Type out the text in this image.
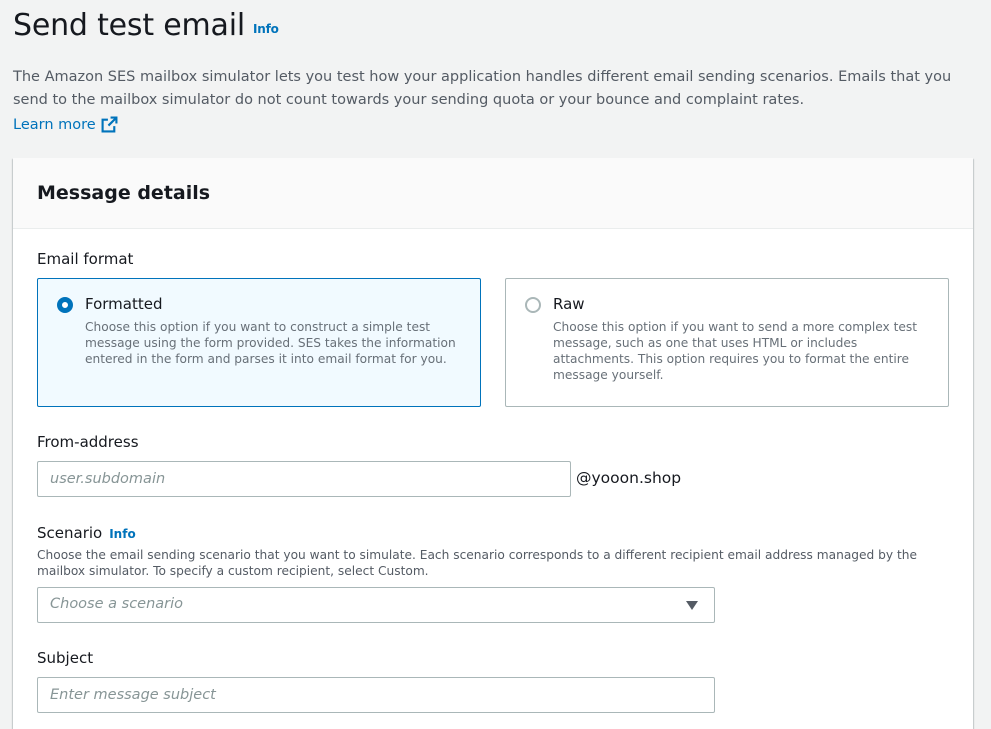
Send test email Info

The Amazon SES mailbox simulator lets you test how your application handles different email sending scenarios. Emails that you send to the mailbox simulator do not count towards your sending quota or your bounce and complaint rates.

Learn more
Message details
Email format
Formatted

Choose this option if you want to construct a simple test message using the form provided. SES takes the information entered in the form and parses it into email format for you.

Raw

Choose this option if you want to send a more complex test message, such as one that uses HTML or includes attachments. This option requires you to format the entire message yourself.

From-address
user.subdomain
@yooon.shop
Scenario Info

Choose the email sending scenario that you want to simulate. Each scenario corresponds to a different recipient email address managed by the mailbox simulator. To specify a custom recipient, select Custom.

Choose a scenario
Subject
Enter message subject
